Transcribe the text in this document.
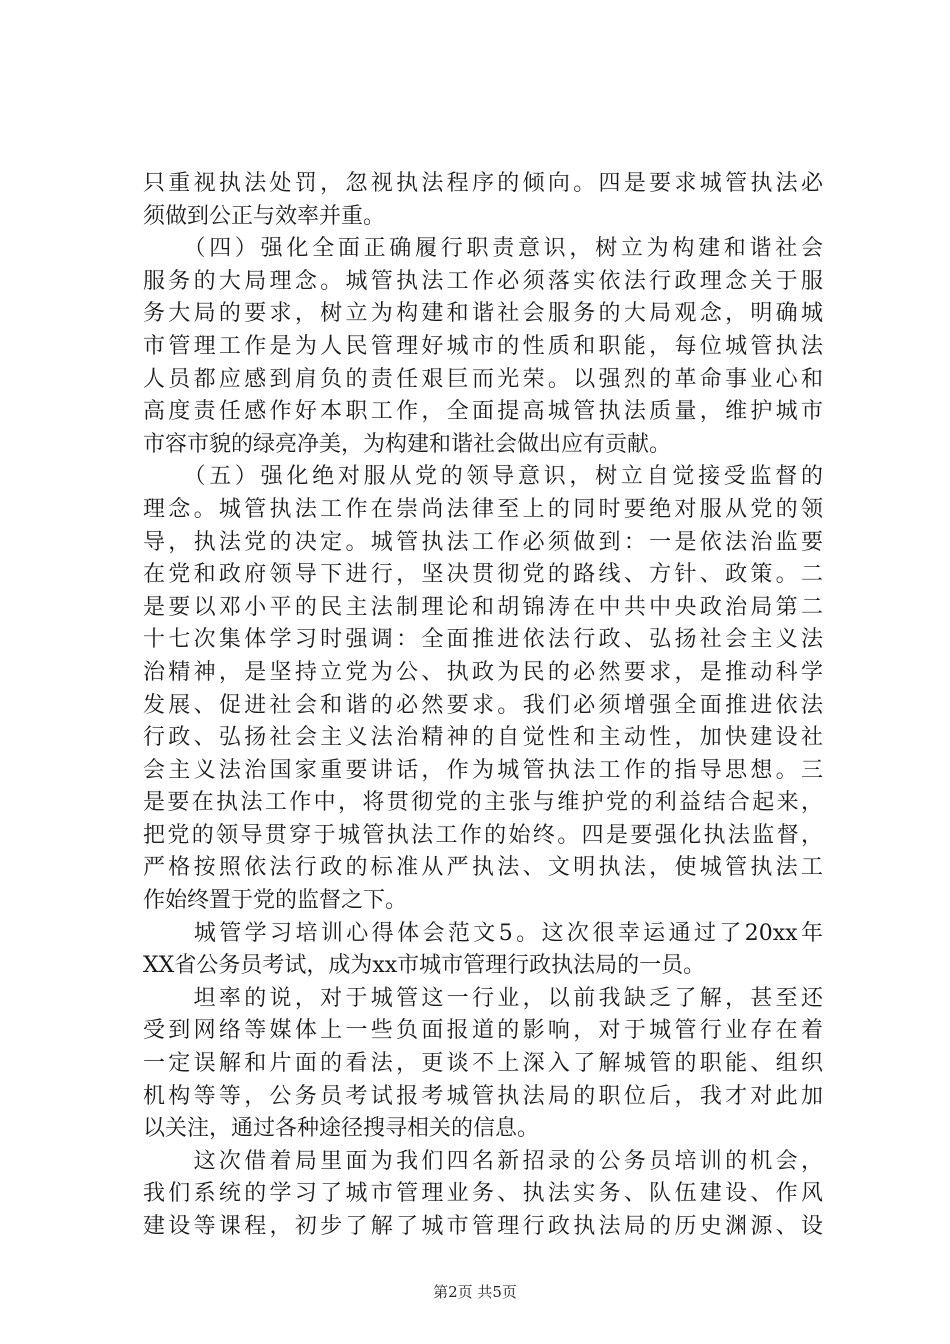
只重视执法处罚，忽视执法程序的倾向。四是要求城管执法必
须做到公正与效率并重。
　　（四）强化全面正确履行职责意识，树立为构建和谐社会
服务的大局理念。城管执法工作必须落实依法行政理念关于服
务大局的要求，树立为构建和谐社会服务的大局观念，明确城
市管理工作是为人民管理好城市的性质和职能，每位城管执法
人员都应感到肩负的责任艰巨而光荣。以强烈的革命事业心和
高度责任感作好本职工作，全面提高城管执法质量，维护城市
市容市貌的绿亮净美，为构建和谐社会做出应有贡献。
　　（五）强化绝对服从党的领导意识，树立自觉接受监督的
理念。城管执法工作在崇尚法律至上的同时要绝对服从党的领
导，执法党的决定。城管执法工作必须做到：一是依法治监要
在党和政府领导下进行，坚决贯彻党的路线、方针、政策。二
是要以邓小平的民主法制理论和胡锦涛在中共中央政治局第二
十七次集体学习时强调：全面推进依法行政、弘扬社会主义法
治精神，是坚持立党为公、执政为民的必然要求，是推动科学
发展、促进社会和谐的必然要求。我们必须增强全面推进依法
行政、弘扬社会主义法治精神的自觉性和主动性，加快建设社
会主义法治国家重要讲话，作为城管执法工作的指导思想。三
是要在执法工作中，将贯彻党的主张与维护党的利益结合起来，
把党的领导贯穿于城管执法工作的始终。四是要强化执法监督，
严格按照依法行政的标准从严执法、文明执法，使城管执法工
作始终置于党的监督之下。
　　城管学习培训心得体会范文5。这次很幸运通过了20xx年
XX省公务员考试，成为xx市城市管理行政执法局的一员。
　　坦率的说，对于城管这一行业，以前我缺乏了解，甚至还
受到网络等媒体上一些负面报道的影响，对于城管行业存在着
一定误解和片面的看法，更谈不上深入了解城管的职能、组织
机构等等，公务员考试报考城管执法局的职位后，我才对此加
以关注，通过各种途径搜寻相关的信息。
　　这次借着局里面为我们四名新招录的公务员培训的机会，
我们系统的学习了城市管理业务、执法实务、队伍建设、作风
建设等课程，初步了解了城市管理行政执法局的历史渊源、设
第2页 共5页
